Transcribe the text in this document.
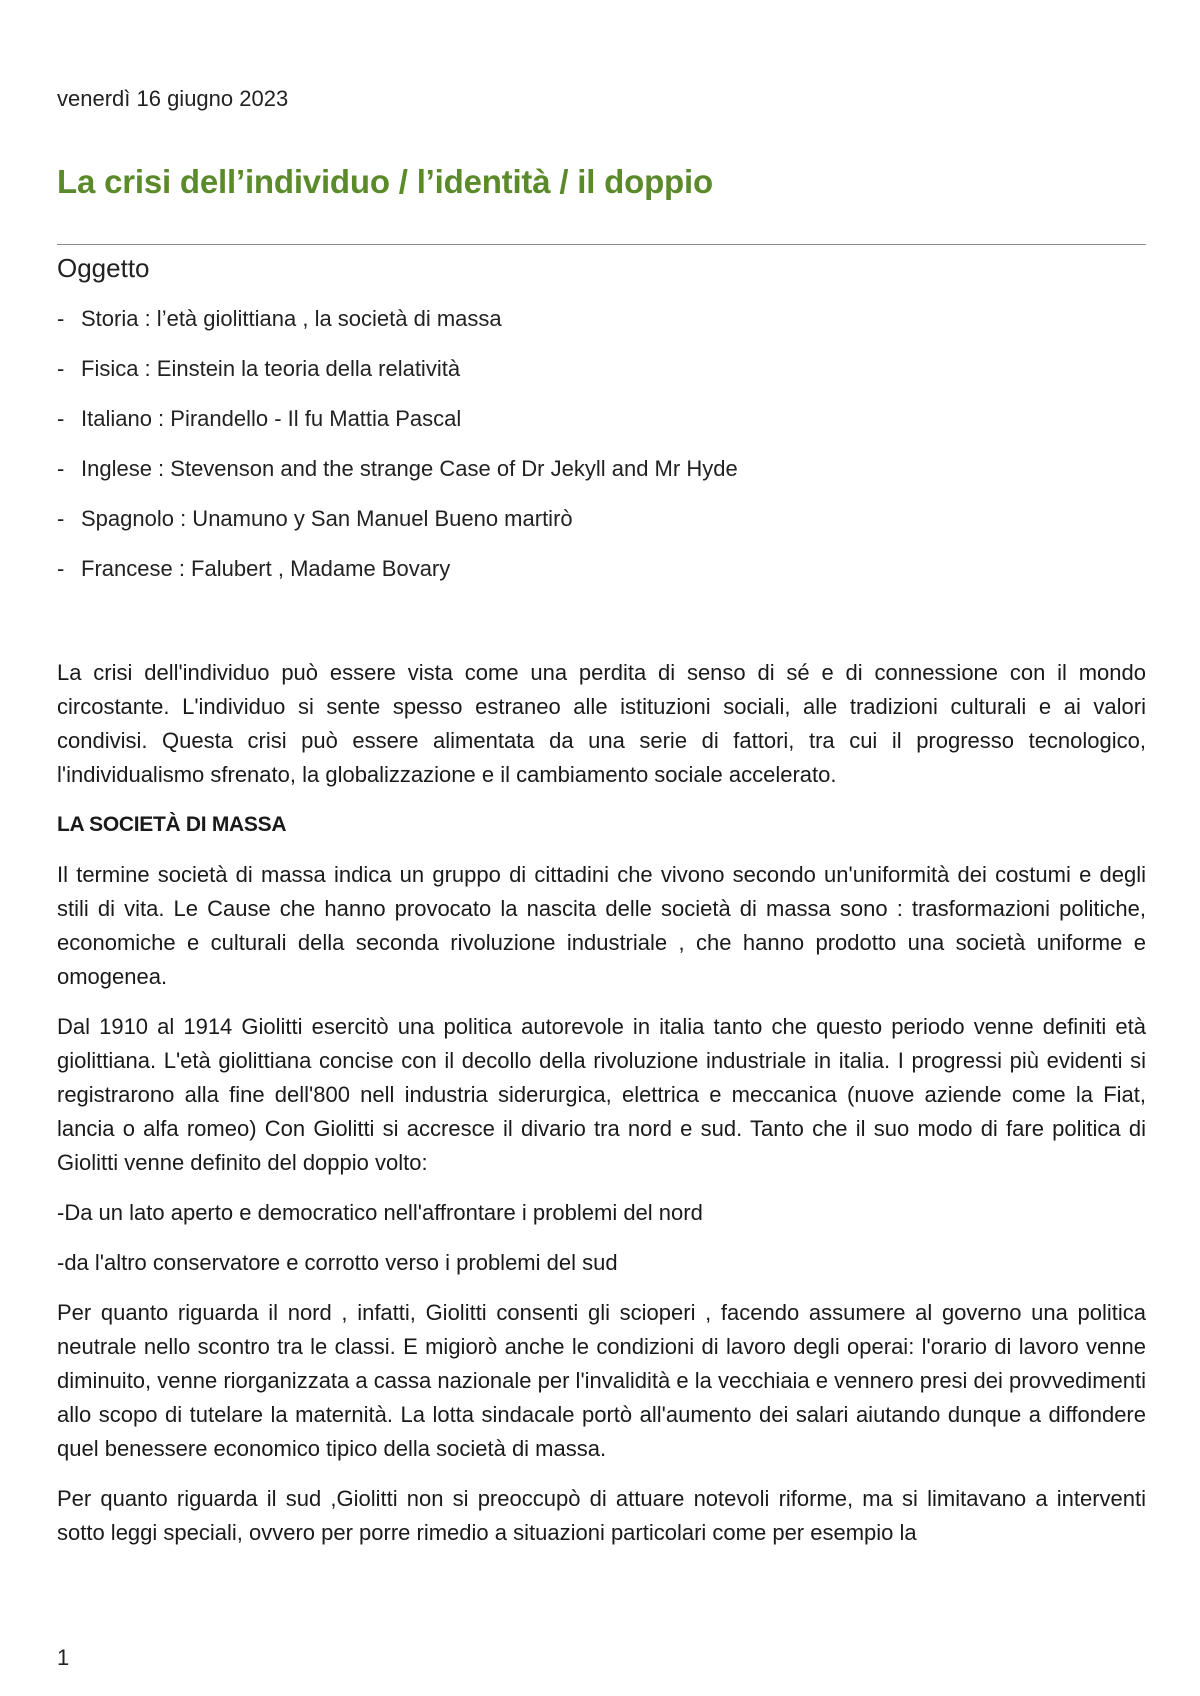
venerdì 16 giugno 2023
La crisi dell’individuo / l’identità / il doppio
Oggetto
- Storia : l’età giolittiana , la società di massa
- Fisica : Einstein la teoria della relatività
- Italiano : Pirandello - Il fu Mattia Pascal
- Inglese : Stevenson and the strange Case of Dr Jekyll and Mr Hyde
- Spagnolo : Unamuno y San Manuel Bueno martirò
- Francese : Falubert , Madame Bovary

La crisi dell'individuo può essere vista come una perdita di senso di sé e di connessione con il mondo circostante. L'individuo si sente spesso estraneo alle istituzioni sociali, alle tradizioni culturali e ai valori condivisi. Questa crisi può essere alimentata da una serie di fattori, tra cui il progresso tecnologico, l'individualismo sfrenato, la globalizzazione e il cambiamento sociale accelerato.

LA SOCIETÀ DI MASSA

Il termine società di massa indica un gruppo di cittadini che vivono secondo un'uniformità dei costumi e degli stili di vita. Le Cause che hanno provocato la nascita delle società di massa sono : trasformazioni politiche, economiche e culturali della seconda rivoluzione industriale , che hanno prodotto una società uniforme e omogenea.

Dal 1910 al 1914 Giolitti esercitò una politica autorevole in italia tanto che questo periodo venne definiti età giolittiana. L'età giolittiana concise con il decollo della rivoluzione industriale in italia. I progressi più evidenti si registrarono alla fine dell'800 nell industria siderurgica, elettrica e meccanica (nuove aziende come la Fiat, lancia o alfa romeo) Con Giolitti si accresce il divario tra nord e sud. Tanto che il suo modo di fare politica di Giolitti venne definito del doppio volto:

-Da un lato aperto e democratico nell'affrontare i problemi del nord

-da l'altro conservatore e corrotto verso i problemi del sud

Per quanto riguarda il nord , infatti, Giolitti consenti gli scioperi , facendo assumere al governo una politica neutrale nello scontro tra le classi. E migiorò anche le condizioni di lavoro degli operai: l'orario di lavoro venne diminuito, venne riorganizzata a cassa nazionale per l'invalidità e la vecchiaia e vennero presi dei provvedimenti allo scopo di tutelare la maternità. La lotta sindacale portò all'aumento dei salari aiutando dunque a diffondere quel benessere economico tipico della società di massa.

Per quanto riguarda il sud ,Giolitti non si preoccupò di attuare notevoli riforme, ma si limitavano a interventi sotto leggi speciali, ovvero per porre rimedio a situazioni particolari come per esempio la

1
